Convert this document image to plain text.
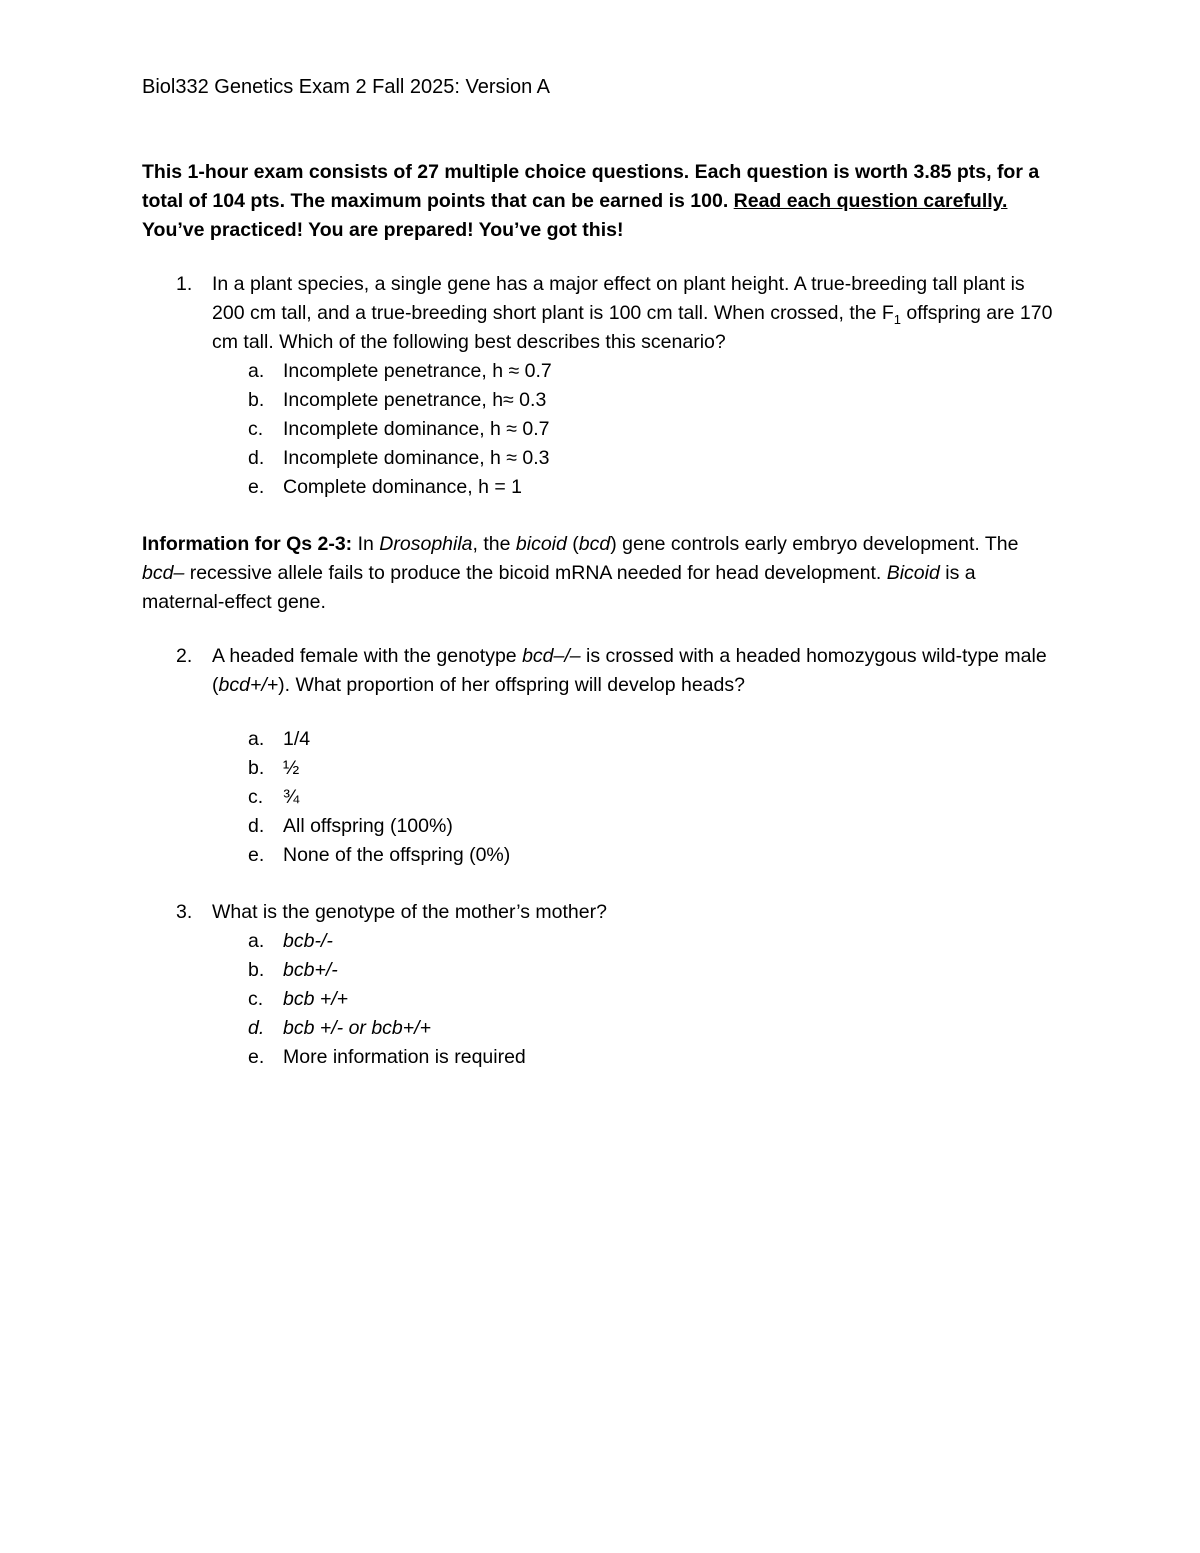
Biol332 Genetics Exam 2 Fall 2025: Version A
This 1-hour exam consists of 27 multiple choice questions. Each question is worth 3.85 pts, for a total of 104 pts. The maximum points that can be earned is 100. Read each question carefully. You’ve practiced! You are prepared! You’ve got this!
1. In a plant species, a single gene has a major effect on plant height. A true-breeding tall plant is 200 cm tall, and a true-breeding short plant is 100 cm tall. When crossed, the $F_1$ offspring are 170 cm tall. Which of the following best describes this scenario?
a. Incomplete penetrance, h ≈ 0.7
b. Incomplete penetrance, h≈ 0.3
c. Incomplete dominance, h ≈ 0.7
d. Incomplete dominance, h ≈ 0.3
e. Complete dominance, h = 1
Information for Qs 2-3: In Drosophila, the bicoid (bcd) gene controls early embryo development. The bcd– recessive allele fails to produce the bicoid mRNA needed for head development. Bicoid is a maternal-effect gene.
2. A headed female with the genotype bcd–/– is crossed with a headed homozygous wild-type male (bcd+/+). What proportion of her offspring will develop heads?
a. 1/4
b. ½
c. ¾
d. All offspring (100%)
e. None of the offspring (0%)
3. What is the genotype of the mother’s mother?
a. bcb-/-
b. bcb+/-
c. bcb +/+
d. bcb +/- or bcb+/+
e. More information is required
